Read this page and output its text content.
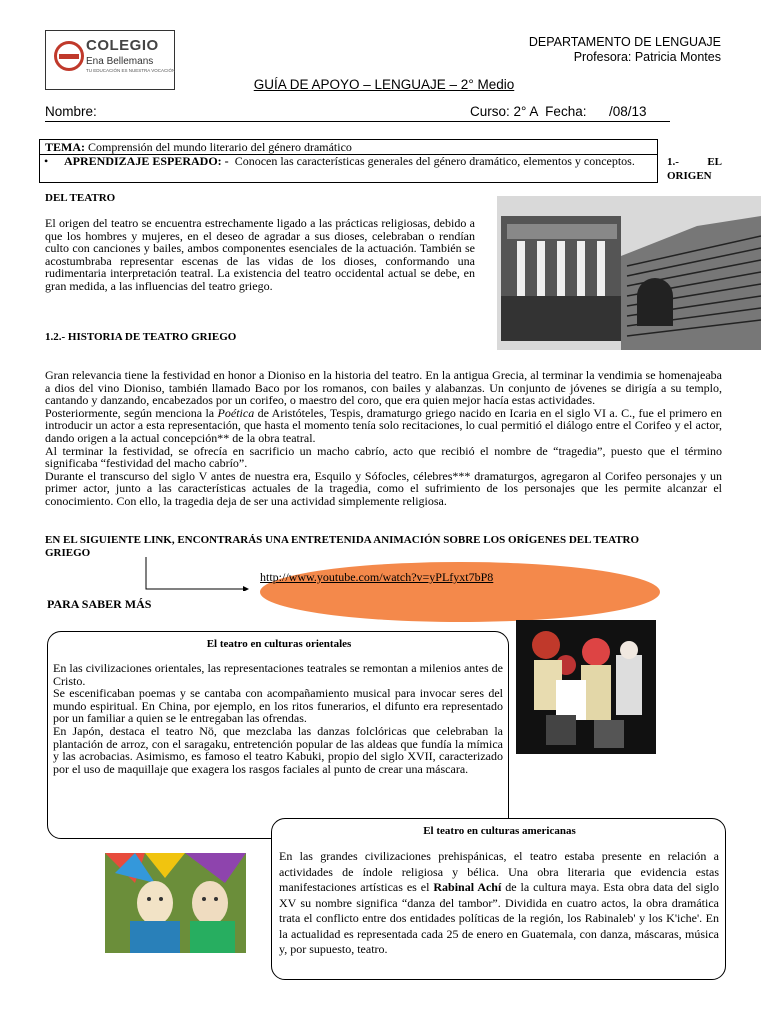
COLEGIO
Ena Bellemans
TU EDUCACIÓN ES NUESTRA VOCACIÓN
DEPARTAMENTO DE LENGUAJE
Profesora: Patricia Montes
GUÍA DE APOYO – LENGUAJE – 2° Medio
Nombre:	Curso: 2° A  Fecha:      /08/13
TEMA: Comprensión del mundo literario del género dramático
•	APRENDIZAJE ESPERADO: -  Conocen las características generales del género dramático, elementos y conceptos.	1.- EL ORIGEN
DEL TEATRO

El origen del teatro se encuentra estrechamente ligado a las prácticas religiosas, debido a que los hombres y mujeres, en el deseo de agradar a sus dioses, celebraban o rendían culto con canciones y bailes, ambos componentes esenciales de la actuación. También se acostumbraba representar escenas de las vidas de los dioses, conformando una rudimentaria interpretación teatral. La existencia del teatro occidental actual se debe, en gran medida, a las influencias del teatro griego.

1.2.- HISTORIA DE TEATRO GRIEGO

Gran relevancia tiene la festividad en honor a Dioniso en la historia del teatro. En la antigua Grecia, al terminar la vendimia se homenajeaba a dios del vino Dioniso, también llamado Baco por los romanos, con bailes y alabanzas. Un conjunto de jóvenes se dirigía a su templo, cantando y danzando, encabezados por un corifeo, o maestro del coro, que era quien mejor hacía estas actividades.

Posteriormente, según menciona la Poética de Aristóteles, Tespis, dramaturgo griego nacido en Icaria en el siglo VI a. C., fue el primero en introducir un actor a esta representación, que hasta el momento tenía solo recitaciones, lo cual permitió el diálogo entre el Corifeo y el actor, dando origen a la actual concepción** de la obra teatral.

Al terminar la festividad, se ofrecía en sacrificio un macho cabrío, acto que recibió el nombre de “tragedia”, puesto que el término significaba “festividad del macho cabrío”.

Durante el transcurso del siglo V antes de nuestra era, Esquilo y Sófocles, célebres*** dramaturgos, agregaron al Corifeo personajes y un primer actor, junto a las características actuales de la tragedia, como el sufrimiento de los personajes que les permite alcanzar el conocimiento. Con ello, la tragedia deja de ser una actividad simplemente religiosa.

EN EL SIGUIENTE LINK, ENCONTRARÁS UNA ENTRETENIDA ANIMACIÓN SOBRE LOS ORÍGENES DEL TEATRO GRIEGO
http://www.youtube.com/watch?v=yPLfyxt7bP8
PARA SABER MÁS
El teatro en culturas orientales

En las civilizaciones orientales, las representaciones teatrales se remontan a milenios antes de Cristo.

Se escenificaban poemas y se cantaba con acompañamiento musical para invocar seres del mundo espiritual. En China, por ejemplo, en los ritos funerarios, el difunto era representado por un familiar a quien se le entregaban las ofrendas.

En Japón, destaca el teatro Nö, que mezclaba las danzas folclóricas que celebraban la plantación de arroz, con el saragaku, entretención popular de las aldeas que fundía la mímica y las acrobacias. Asimismo, es famoso el teatro Kabuki, propio del siglo XVII, caracterizado por el uso de maquillaje que exagera los rasgos faciales al punto de crear una máscara.

El teatro en culturas americanas

En las grandes civilizaciones prehispánicas, el teatro estaba presente en relación a actividades de índole religiosa y bélica. Una obra literaria que evidencia estas manifestaciones artísticas es el Rabinal Achí de la cultura maya. Esta obra data del siglo XV su nombre significa “danza del tambor”. Dividida en cuatro actos, la obra dramática trata el conflicto entre dos entidades políticas de la región, los Rabinaleb' y los K'iche'. En la actualidad es representada cada 25 de enero en Guatemala, con danza, máscaras, música y, por supuesto, teatro.
